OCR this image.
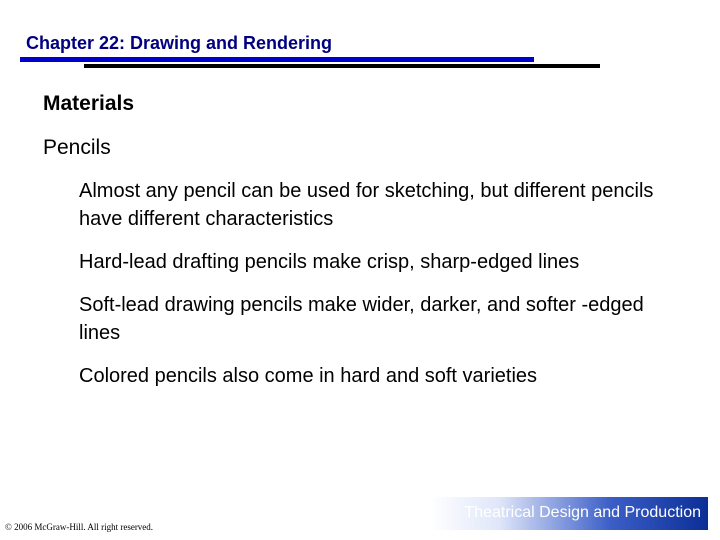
Chapter 22: Drawing and Rendering
Materials
Pencils
Almost any pencil can be used for sketching, but different pencils have different characteristics
Hard-lead drafting pencils make crisp, sharp-edged lines
Soft-lead drawing pencils make wider, darker, and softer -edged lines
Colored pencils also come in hard and soft varieties
Theatrical Design and Production
© 2006 McGraw-Hill. All right reserved.
